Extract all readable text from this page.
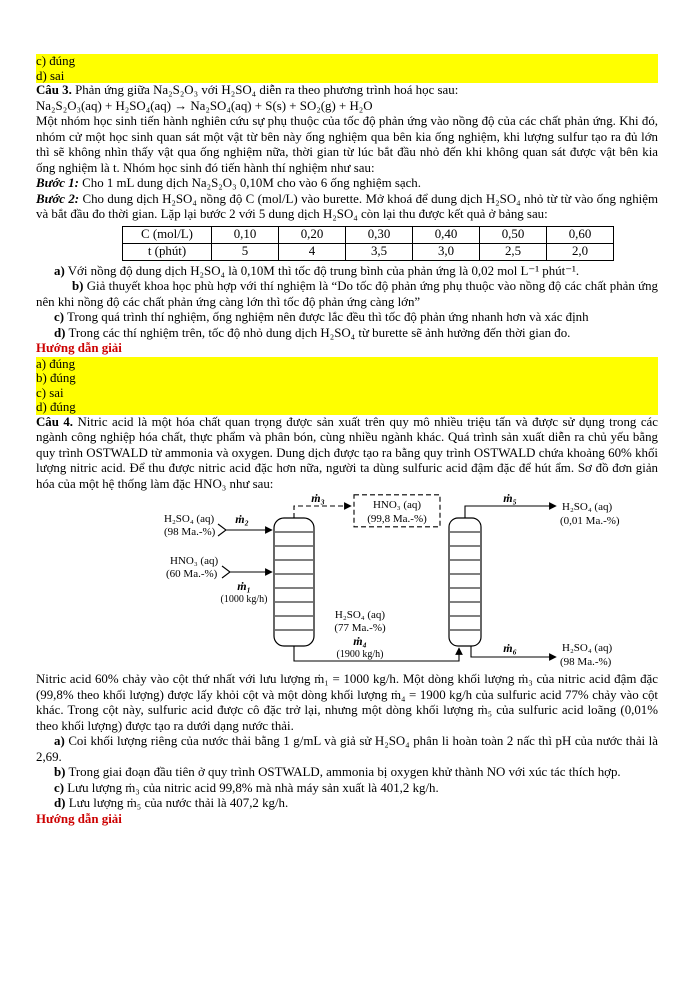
c) đúng
d) sai

Câu 3. Phản ứng giữa Na₂S₂O₃ với H₂SO₄ diễn ra theo phương trình hoá học sau:

Na₂S₂O₃(aq) + H₂SO₄(aq) → Na₂SO₄(aq) + S(s) + SO₂(g) + H₂O

Một nhóm học sinh tiến hành nghiên cứu sự phụ thuộc của tốc độ phản ứng vào nồng độ của các chất phản ứng. Khi đó, nhóm cử một học sinh quan sát một vật từ bên này ống nghiệm qua bên kia ống nghiệm, khi lượng sulfur tạo ra đủ lớn thì sẽ không nhìn thấy vật qua ống nghiệm nữa, thời gian từ lúc bắt đầu nhỏ đến khi không quan sát được vật bên kia ống nghiệm là t. Nhóm học sinh đó tiến hành thí nghiệm như sau:

Bước 1: Cho 1 mL dung dịch Na₂S₂O₃ 0,10M cho vào 6 ống nghiệm sạch.

Bước 2: Cho dung dịch H₂SO₄ nồng độ C (mol/L) vào burette. Mở khoá để dung dịch H₂SO₄ nhỏ từ từ vào ống nghiệm và bắt đầu đo thời gian. Lặp lại bước 2 với 5 dung dịch H₂SO₄ còn lại thu được kết quả ở bảng sau:

C (mol/L)	0,10	0,20	0,30	0,40	0,50	0,60
t (phút)	5	4	3,5	3,0	2,5	2,0

a) Với nồng độ dung dịch H₂SO₄ là 0,10M thì tốc độ trung bình của phản ứng là 0,02 mol L⁻¹ phút⁻¹.

b) Giả thuyết khoa học phù hợp với thí nghiệm là “Do tốc độ phản ứng phụ thuộc vào nồng độ các chất phản ứng nên khi nồng độ các chất phản ứng càng lớn thì tốc độ phản ứng càng lớn”

c) Trong quá trình thí nghiệm, ống nghiệm nên được lắc đều thì tốc độ phản ứng nhanh hơn và xác định

d) Trong các thí nghiệm trên, tốc độ nhỏ dung dịch H₂SO₄ từ burette sẽ ảnh hưởng đến thời gian đo.

Hướng dẫn giải

a) đúng
b) đúng
c) sai
d) đúng

Câu 4. Nitric acid là một hóa chất quan trọng được sản xuất trên quy mô nhiều triệu tấn và được sử dụng trong các ngành công nghiệp hóa chất, thực phẩm và phân bón, cùng nhiều ngành khác. Quá trình sản xuất diễn ra chủ yếu bằng quy trình OSTWALD từ ammonia và oxygen. Dung dịch được tạo ra bằng quy trình OSTWALD chứa khoảng 60% khối lượng nitric acid. Để thu được nitric acid đặc hơn nữa, người ta dùng sulfuric acid đậm đặc để hút ẩm. Sơ đồ đơn giản hóa của một hệ thống làm đặc HNO₃ như sau:

H₂SO₄ (aq)
(98 Ma.-%)
ṁ₂
HNO₃ (aq)
(60 Ma.-%)
ṁ₁
(1000 kg/h)
ṁ₃	HNO₃ (aq)
(99,8 Ma.-%)
ṁ₅
H₂SO₄ (aq)
(0,01 Ma.-%)
H₂SO₄ (aq)
(77 Ma.-%)
ṁ₄
(1900 kg/h)	ṁ₆	H₂SO₄ (aq)
(98 Ma.-%)

Nitric acid 60% chảy vào cột thứ nhất với lưu lượng ṁ₁ = 1000 kg/h. Một dòng khối lượng ṁ₃ của nitric acid đậm đặc (99,8% theo khối lượng) được lấy khỏi cột và một dòng khối lượng ṁ₄ = 1900 kg/h của sulfuric acid 77% chảy vào cột khác. Trong cột này, sulfuric acid được cô đặc trở lại, nhưng một dòng khối lượng ṁ₅ của sulfuric acid loãng (0,01% theo khối lượng) được tạo ra dưới dạng nước thải.

a) Coi khối lượng riêng của nước thải bằng 1 g/mL và giả sử H₂SO₄ phân li hoàn toàn 2 nấc thì pH của nước thải là 2,69.

b) Trong giai đoạn đầu tiên ở quy trình OSTWALD, ammonia bị oxygen khử thành NO với xúc tác thích hợp.

c) Lưu lượng ṁ₃ của nitric acid 99,8% mà nhà máy sản xuất là 401,2 kg/h.

d) Lưu lượng ṁ₅ của nước thải là 407,2 kg/h.

Hướng dẫn giải
